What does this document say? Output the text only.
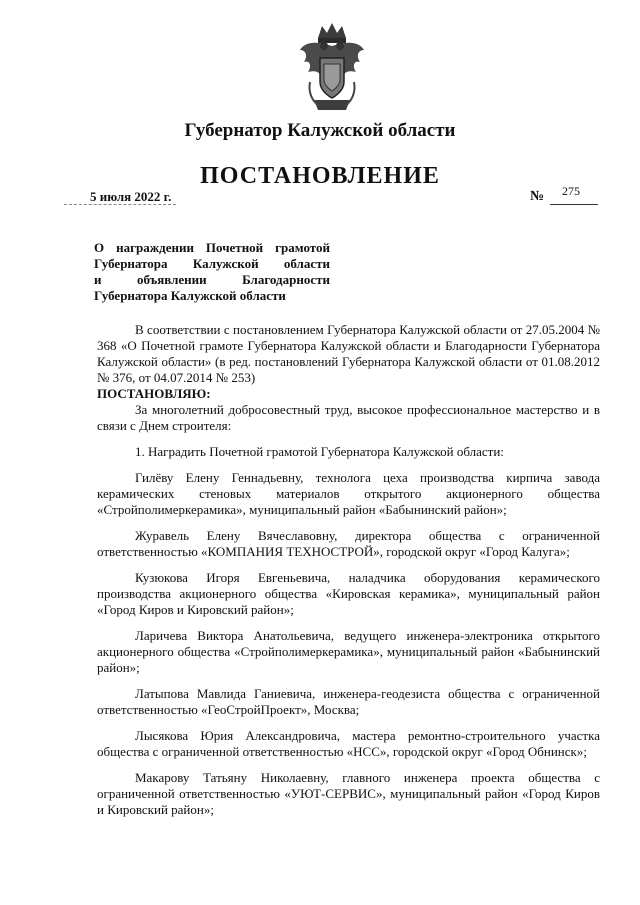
Губернатор Калужской области
ПОСТАНОВЛЕНИЕ
5 июля 2022 г.	№ 275
О награждении Почетной грамотой
Губернатора Калужской области
и объявлении Благодарности
Губернатора Калужской области

В соответствии с постановлением Губернатора Калужской области от 27.05.2004 № 368 «О Почетной грамоте Губернатора Калужской области и Благодарности Губернатора Калужской области» (в ред. постановлений Губернатора Калужской области от 01.08.2012 № 376, от 04.07.2014 № 253)

ПОСТАНОВЛЯЮ:

За многолетний добросовестный труд, высокое профессиональное мастерство и в связи с Днем строителя:

1. Наградить Почетной грамотой Губернатора Калужской области:

Гилёву Елену Геннадьевну, технолога цеха производства кирпича завода керамических стеновых материалов открытого акционерного общества «Стройполимеркерамика», муниципальный район «Бабынинский район»;

Журавель Елену Вячеславовну, директора общества с ограниченной ответственностью «КОМПАНИЯ ТЕХНОСТРОЙ», городской округ «Город Калуга»;

Кузюкова Игоря Евгеньевича, наладчика оборудования керамического производства акционерного общества «Кировская керамика», муниципальный район «Город Киров и Кировский район»;

Ларичева Виктора Анатольевича, ведущего инженера-электроника открытого акционерного общества «Стройполимеркерамика», муниципальный район «Бабынинский район»;

Латыпова Мавлида Ганиевича, инженера-геодезиста общества с ограниченной ответственностью «ГеоСтройПроект», Москва;

Лысякова Юрия Александровича, мастера ремонтно-строительного участка общества с ограниченной ответственностью «НСС», городской округ «Город Обнинск»;

Макарову Татьяну Николаевну, главного инженера проекта общества с ограниченной ответственностью «УЮТ-СЕРВИС», муниципальный район «Город Киров и Кировский район»;
